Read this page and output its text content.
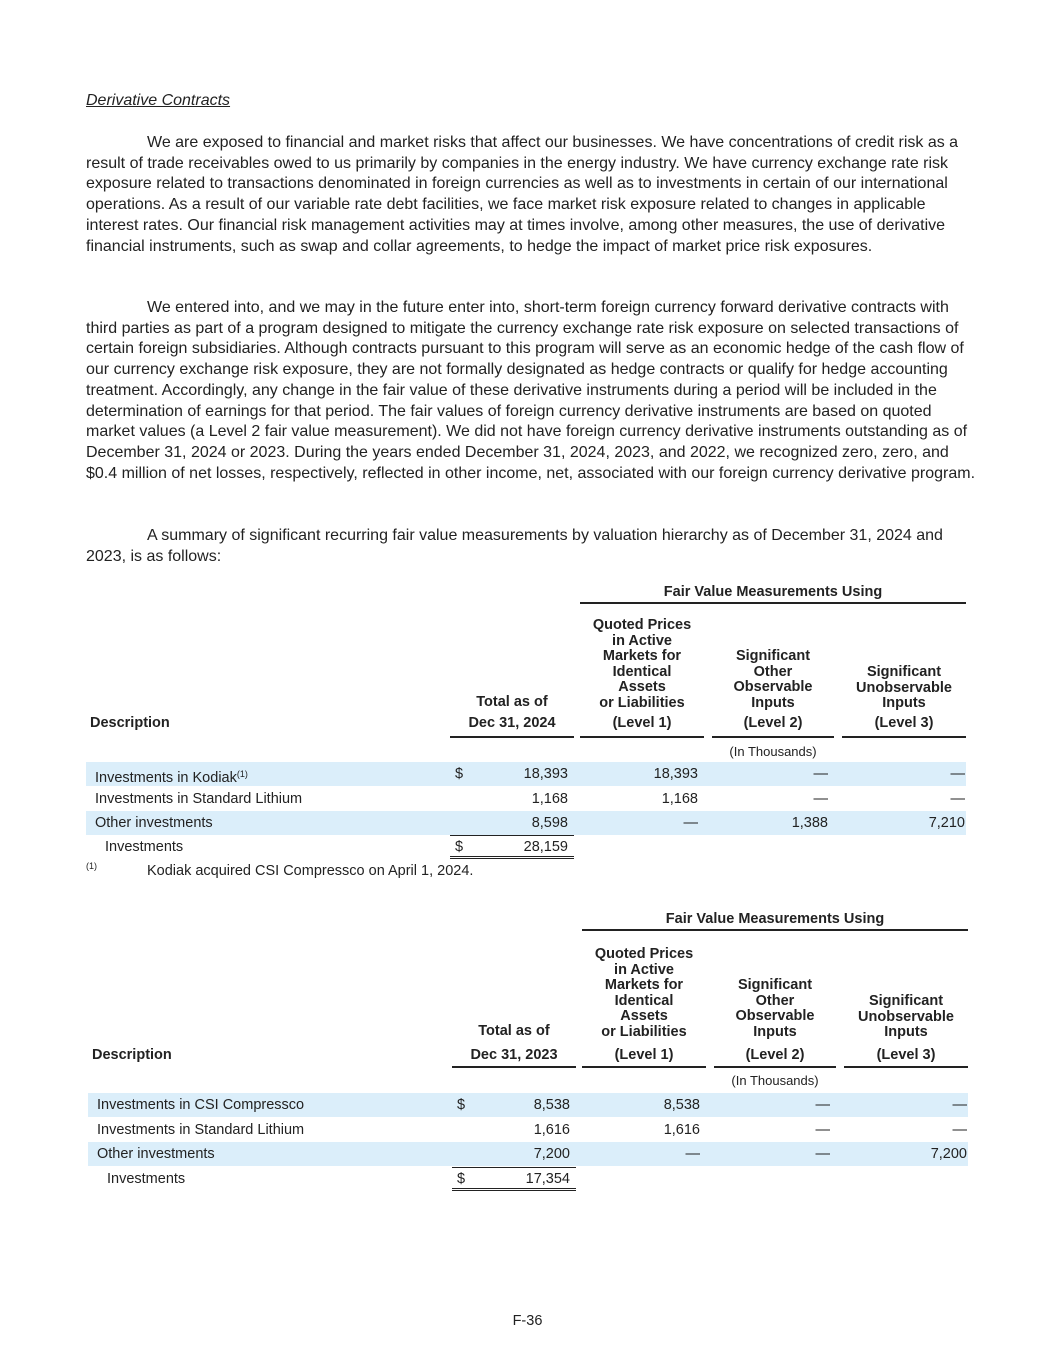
Derivative Contracts

We are exposed to financial and market risks that affect our businesses. We have concentrations of credit risk as a result of trade receivables owed to us primarily by companies in the energy industry. We have currency exchange rate risk exposure related to transactions denominated in foreign currencies as well as to investments in certain of our international operations. As a result of our variable rate debt facilities, we face market risk exposure related to changes in applicable interest rates. Our financial risk management activities may at times involve, among other measures, the use of derivative financial instruments, such as swap and collar agreements, to hedge the impact of market price risk exposures.

We entered into, and we may in the future enter into, short-term foreign currency forward derivative contracts with third parties as part of a program designed to mitigate the currency exchange rate risk exposure on selected transactions of certain foreign subsidiaries. Although contracts pursuant to this program will serve as an economic hedge of the cash flow of our currency exchange risk exposure, they are not formally designated as hedge contracts or qualify for hedge accounting treatment. Accordingly, any change in the fair value of these derivative instruments during a period will be included in the determination of earnings for that period. The fair values of foreign currency derivative instruments are based on quoted market values (a Level 2 fair value measurement). We did not have foreign currency derivative instruments outstanding as of December 31, 2024 or 2023. During the years ended December 31, 2024, 2023, and 2022, we recognized zero, zero, and $0.4 million of net losses, respectively, reflected in other income, net, associated with our foreign currency derivative program.

A summary of significant recurring fair value measurements by valuation hierarchy as of December 31, 2024 and 2023, is as follows:

Fair Value Measurements Using
Description
Total as of
Dec 31, 2024
Quoted Prices
in Active
Markets for
Identical
Assets
or Liabilities
(Level 1)
Significant
Other
Observable
Inputs
(Level 2)
Significant
Unobservable
Inputs
(Level 3)
(In Thousands)
Investments in Kodiak$^{(1)}$	$	18,393	18,393	—	—
Investments in Standard Lithium	1,168	1,168	—	—
Other investments	8,598	—	1,388	7,210
Investments	$	28,159
(1)	Kodiak acquired CSI Compressco on April 1, 2024.
Fair Value Measurements Using
Description
Total as of
Dec 31, 2023
Quoted Prices
in Active
Markets for
Identical
Assets
or Liabilities
(Level 1)
Significant
Other
Observable
Inputs
(Level 2)
Significant
Unobservable
Inputs
(Level 3)
(In Thousands)
Investments in CSI Compressco	$	8,538	8,538	—	—
Investments in Standard Lithium	1,616	1,616	—	—
Other investments	7,200	—	—	7,200
Investments	$	17,354
F-36
